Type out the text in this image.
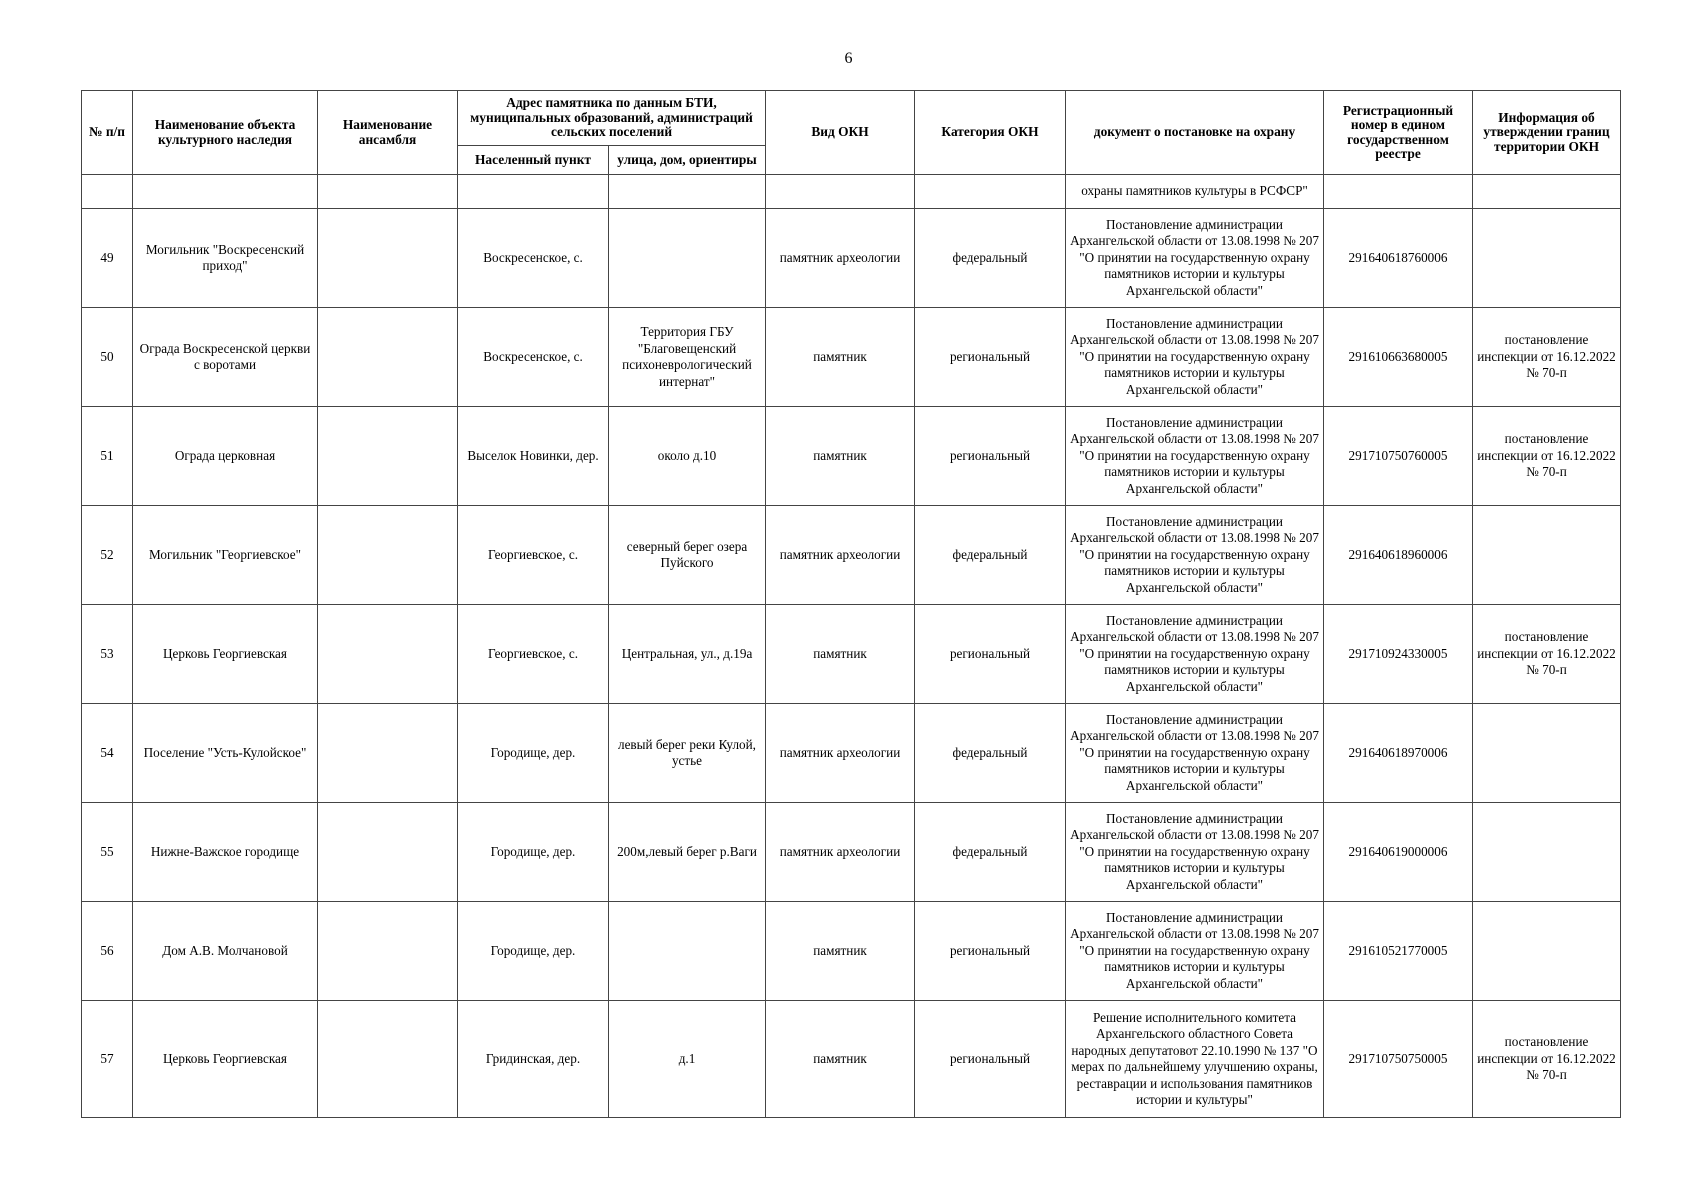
6
№ п/п	Наименование объекта культурного наследия	Наименование ансамбля	Адрес памятника по данным БТИ, муниципальных образований, администраций сельских поселений		Вид ОКН	Категория ОКН	документ о постановке на охрану	Регистрационный номер в едином государственном реестре	Информация об утверждении границ территории ОКН
			Населенный пункт	улица, дом, ориентиры					
							охраны памятников культуры в РСФСР"		
49	Могильник "Воскресенский приход"		Воскресенское, с.		памятник археологии	федеральный	Постановление администрации Архангельской области от 13.08.1998 № 207 "О принятии на государственную охрану памятников истории и культуры Архангельской области"	291640618760006	
50	Ограда Воскресенской церкви с воротами		Воскресенское, с.	Территория ГБУ "Благовещенский психоневрологический интернат"	памятник	региональный	Постановление администрации Архангельской области от 13.08.1998 № 207 "О принятии на государственную охрану памятников истории и культуры Архангельской области"	291610663680005	постановление инспекции от 16.12.2022 № 70-п
51	Ограда церковная		Выселок Новинки, дер.	около д.10	памятник	региональный	Постановление администрации Архангельской области от 13.08.1998 № 207 "О принятии на государственную охрану памятников истории и культуры Архангельской области"	291710750760005	постановление инспекции от 16.12.2022 № 70-п
52	Могильник "Георгиевское"		Георгиевское, с.	северный берег озера Пуйского	памятник археологии	федеральный	Постановление администрации Архангельской области от 13.08.1998 № 207 "О принятии на государственную охрану памятников истории и культуры Архангельской области"	291640618960006	
53	Церковь Георгиевская		Георгиевское, с.	Центральная, ул., д.19а	памятник	региональный	Постановление администрации Архангельской области от 13.08.1998 № 207 "О принятии на государственную охрану памятников истории и культуры Архангельской области"	291710924330005	постановление инспекции от 16.12.2022 № 70-п
54	Поселение "Усть-Кулойское"		Городище, дер.	левый берег реки Кулой, устье	памятник археологии	федеральный	Постановление администрации Архангельской области от 13.08.1998 № 207 "О принятии на государственную охрану памятников истории и культуры Архангельской области"	291640618970006	
55	Нижне-Важское городище		Городище, дер.	200м,левый берег р.Ваги	памятник археологии	федеральный	Постановление администрации Архангельской области от 13.08.1998 № 207 "О принятии на государственную охрану памятников истории и культуры Архангельской области"	291640619000006	
56	Дом А.В. Молчановой		Городище, дер.		памятник	региональный	Постановление администрации Архангельской области от 13.08.1998 № 207 "О принятии на государственную охрану памятников истории и культуры Архангельской области"	291610521770005	
57	Церковь Георгиевская		Гридинская, дер.	д.1	памятник	региональный	Решение исполнительного комитета Архангельского областного Совета народных депутатовот 22.10.1990 № 137 "О мерах по дальнейшему улучшению охраны, реставрации и использования памятников истории и культуры"	291710750750005	постановление инспекции от 16.12.2022 № 70-п
